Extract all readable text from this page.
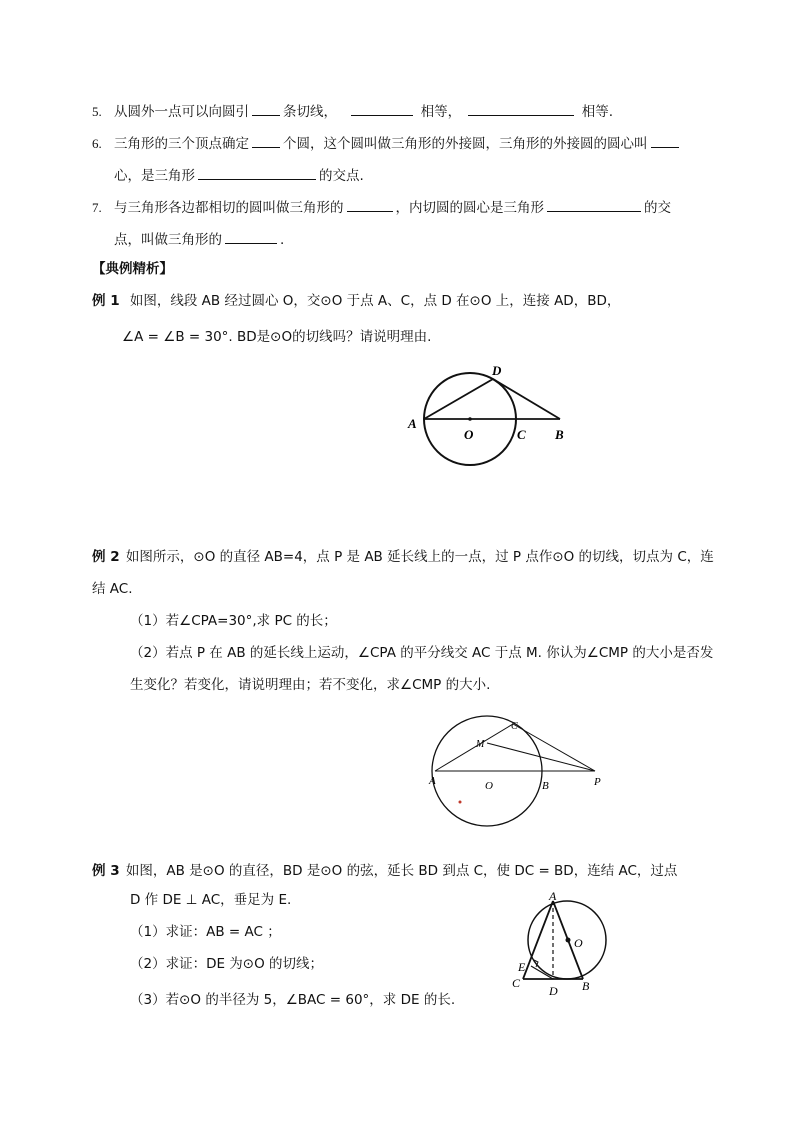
5. 从圆外一点可以向圆引	条切线，	相等，	相等.
6. 三角形的三个顶点确定	个圆，这个圆叫做三角形的外接圆，三角形的外接圆的圆心叫
心，是三角形	的交点.
7. 与三角形各边都相切的圆叫做三角形的	，内切圆的圆心是三角形	的交
点，叫做三角形的	.
【典例精析】
例 1 如图，线段 AB 经过圆心 O，交⊙O 于点 A、C，点 D 在⊙O 上，连接 AD，BD，
∠A = ∠B = 30°. BD是⊙O的切线吗？请说明理由.
A
O	C B
D
例 2 如图所示，⊙O 的直径 AB=4，点 P 是 AB 延长线上的一点，过 P 点作⊙O 的切线，切点为 C，连
结 AC.
（1）若∠CPA=30°,求 PC 的长；
（2）若点 P 在 AB 的延长线上运动，∠CPA 的平分线交 AC 于点 M. 你认为∠CMP 的大小是否发
生变化？若变化，请说明理由；若不变化，求∠CMP 的大小.
A	O	B	P
C
M
例 3 如图，AB 是⊙O 的直径，BD 是⊙O 的弦，延长 BD 到点 C，使 DC = BD，连结 AC，过点
D 作 DE ⊥ AC，垂足为 E.
（1）求证：AB = AC ；
（2）求证：DE 为⊙O 的切线；
（3）若⊙O 的半径为 5，∠BAC = 60°，求 DE 的长.
A
O
E
C
D B
